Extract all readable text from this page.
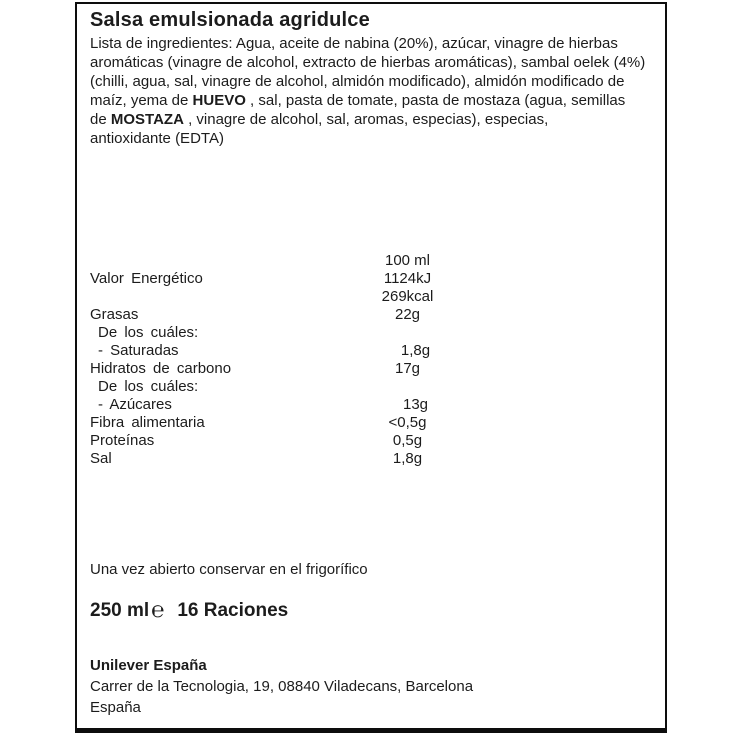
Salsa emulsionada agridulce
Lista de ingredientes: Agua, aceite de nabina (20%), azúcar, vinagre de hierbas
aromáticas (vinagre de alcohol, extracto de hierbas aromáticas), sambal oelek (4%)
(chilli, agua, sal, vinagre de alcohol, almidón modificado), almidón modificado de
maíz, yema de HUEVO , sal, pasta de tomate, pasta de mostaza (agua, semillas
de MOSTAZA , vinagre de alcohol, sal, aromas, especias), especias,
antioxidante (EDTA)
100 ml
Valor Energético	1124kJ
269kcal
Grasas	22g
De los cuáles:
- Saturadas	1,8g
Hidratos de carbono	17g
De los cuáles:
- Azúcares	13g
Fibra alimentaria	<0,5g
Proteínas	0,5g
Sal	1,8g
Una vez abierto conservar en el frigorífico
250 ml ℮ 16 Raciones
Unilever España
Carrer de la Tecnologia, 19, 08840 Viladecans, Barcelona
España
